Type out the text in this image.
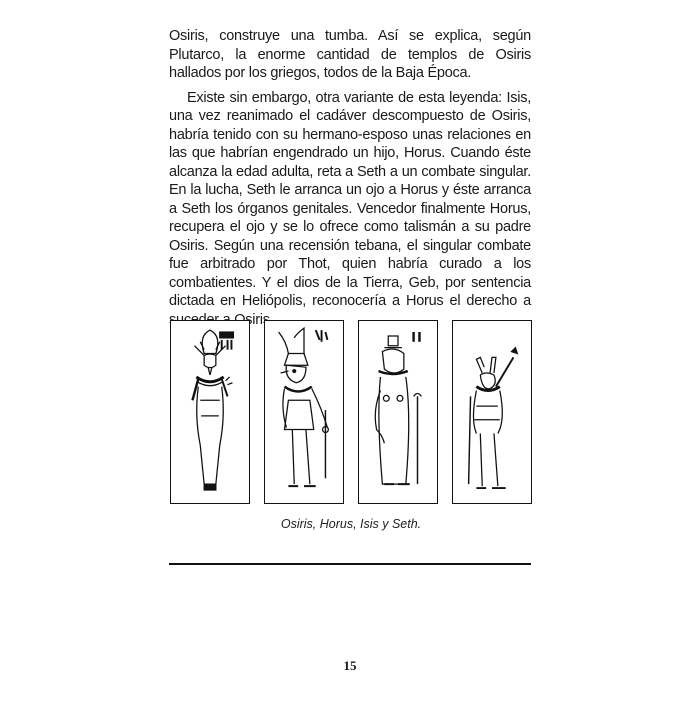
Osiris, construye una tumba. Así se explica, según Plutarco, la enorme cantidad de templos de Osiris hallados por los griegos, todos de la Baja Época.

Existe sin embargo, otra variante de esta leyenda: Isis, una vez reanimado el cadáver descompuesto de Osiris, habría tenido con su hermano-esposo unas relaciones en las que habrían engendrado un hijo, Horus. Cuando éste alcanza la edad adulta, reta a Seth a un combate singular. En la lucha, Seth le arranca un ojo a Horus y éste arranca a Seth los órganos genitales. Vencedor finalmente Horus, recupera el ojo y se lo ofrece como talismán a su padre Osiris. Según una recensión tebana, el singular combate fue arbitrado por Thot, quien habría curado a los combatientes. Y el dios de la Tierra, Geb, por sentencia dictada en Heliópolis, reconocería a Horus el derecho a Osiris.

Osiris, Horus, Isis y Seth.
15
